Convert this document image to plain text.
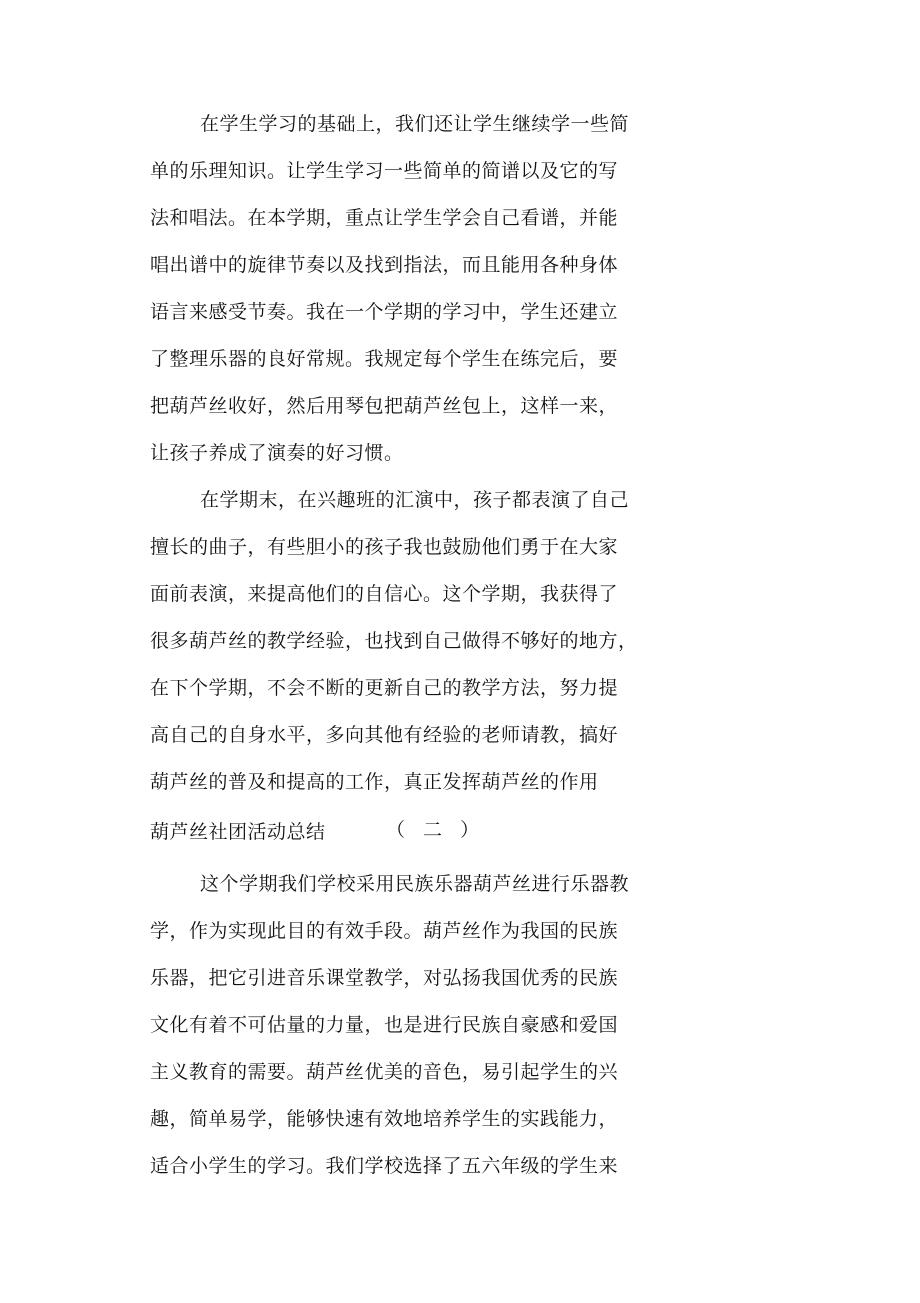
在学生学习的基础上，我们还让学生继续学一些简
单的乐理知识。让学生学习一些简单的简谱以及它的写
法和唱法。在本学期，重点让学生学会自己看谱，并能
唱出谱中的旋律节奏以及找到指法，而且能用各种身体
语言来感受节奏。我在一个学期的学习中，学生还建立
了整理乐器的良好常规。我规定每个学生在练完后，要
把葫芦丝收好，然后用琴包把葫芦丝包上，这样一来，
让孩子养成了演奏的好习惯。
在学期末，在兴趣班的汇演中，孩子都表演了自己
擅长的曲子，有些胆小的孩子我也鼓励他们勇于在大家
面前表演，来提高他们的自信心。这个学期，我获得了
很多葫芦丝的教学经验，也找到自己做得不够好的地方，
在下个学期，不会不断的更新自己的教学方法，努力提
高自己的自身水平，多向其他有经验的老师请教，搞好
葫芦丝的普及和提高的工作，真正发挥葫芦丝的作用
葫芦丝社团活动总结	（ 二 ）
这个学期我们学校采用民族乐器葫芦丝进行乐器教
学，作为实现此目的有效手段。葫芦丝作为我国的民族
乐器，把它引进音乐课堂教学，对弘扬我国优秀的民族
文化有着不可估量的力量，也是进行民族自豪感和爱国
主义教育的需要。葫芦丝优美的音色，易引起学生的兴
趣，简单易学，能够快速有效地培养学生的实践能力，
适合小学生的学习。我们学校选择了五六年级的学生来
